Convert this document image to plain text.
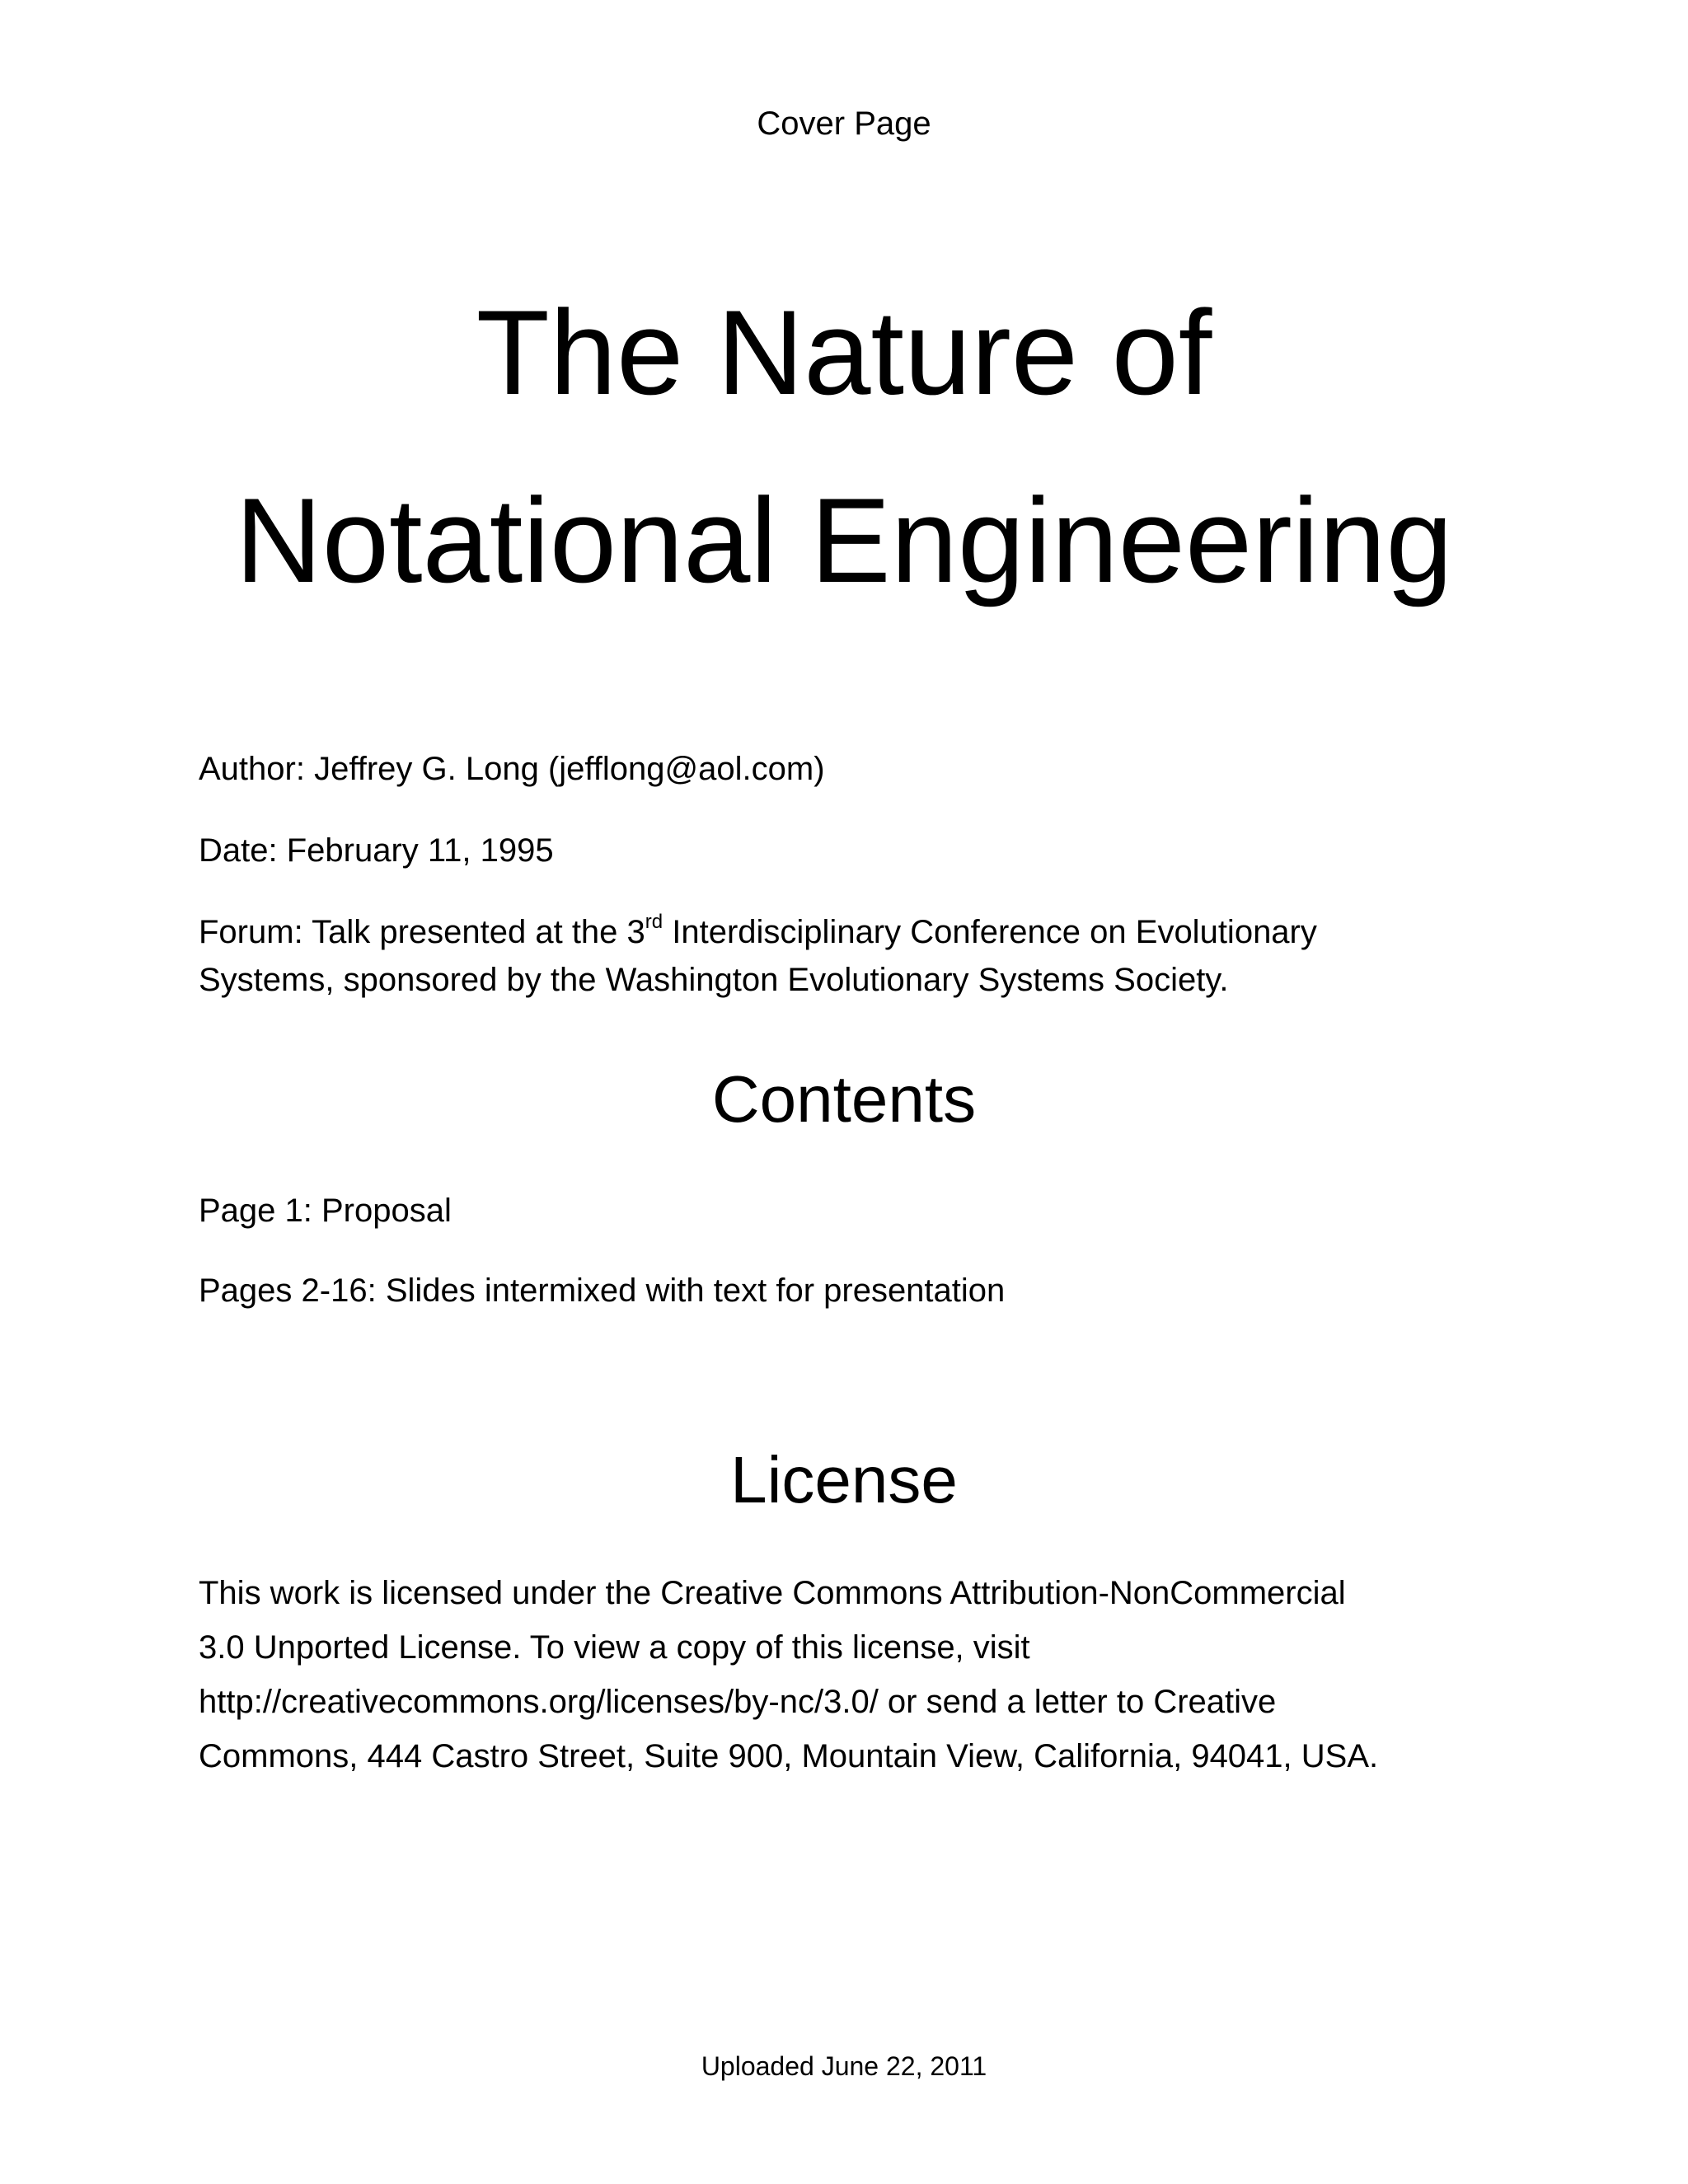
Cover Page
The Nature of
Notational Engineering
Author: Jeffrey G. Long (jefflong@aol.com)
Date: February 11, 1995
Forum: Talk presented at the 3rd Interdisciplinary Conference on Evolutionary
Systems, sponsored by the Washington Evolutionary Systems Society.
Contents
Page 1: Proposal
Pages 2-16: Slides intermixed with text for presentation
License
This work is licensed under the Creative Commons Attribution-NonCommercial
3.0 Unported License. To view a copy of this license, visit
http://creativecommons.org/licenses/by-nc/3.0/ or send a letter to Creative
Commons, 444 Castro Street, Suite 900, Mountain View, California, 94041, USA.
Uploaded June 22, 2011
